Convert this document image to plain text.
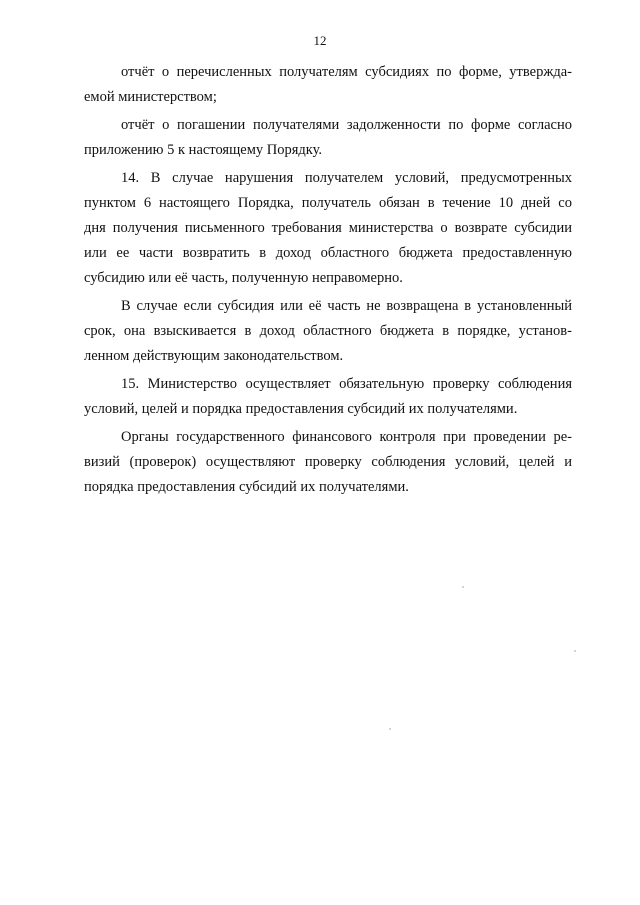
12
отчёт о перечисленных получателям субсидиях по форме, утвержда-
емой министерством;
отчёт о погашении получателями задолженности по форме согласно
приложению 5 к настоящему Порядку.
14. В случае нарушения получателем условий, предусмотренных
пунктом 6 настоящего Порядка, получатель обязан в течение 10 дней со
дня получения письменного требования министерства о возврате субсидии
или ее части возвратить в доход областного бюджета предоставленную
субсидию или её часть, полученную неправомерно.
В случае если субсидия или её часть не возвращена в установленный
срок, она взыскивается в доход областного бюджета в порядке, установ-
ленном действующим законодательством.
15. Министерство осуществляет обязательную проверку соблюдения
условий, целей и порядка предоставления субсидий их получателями.
Органы государственного финансового контроля при проведении ре-
визий (проверок) осуществляют проверку соблюдения условий, целей и
порядка предоставления субсидий их получателями.
